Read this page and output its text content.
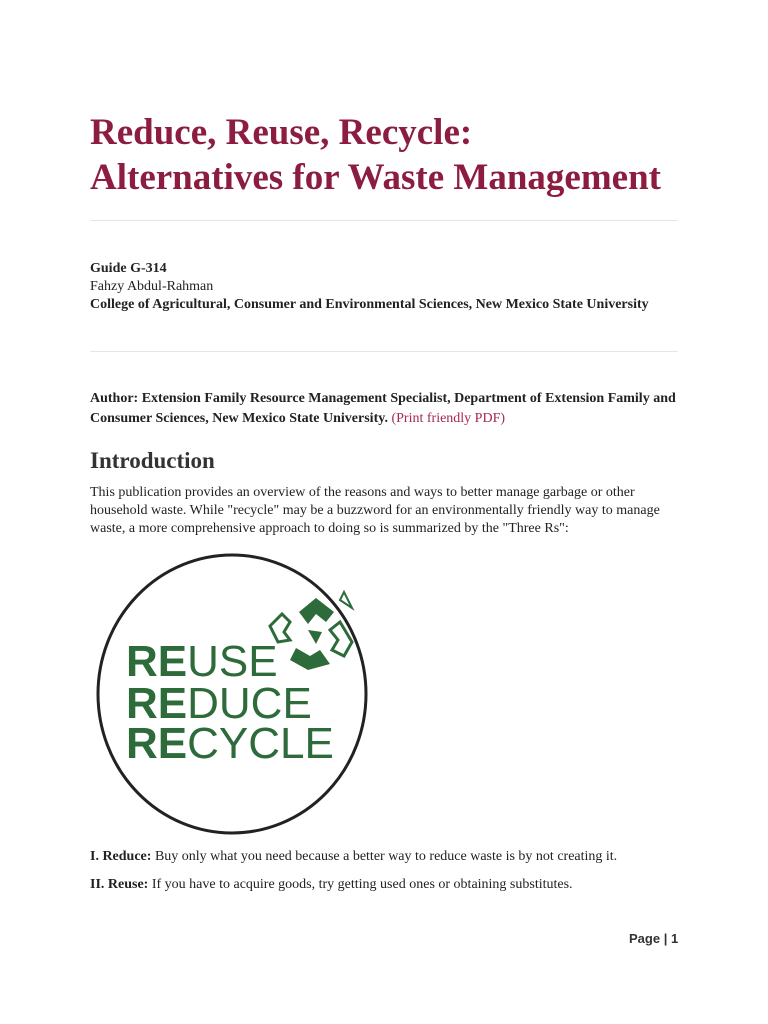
Reduce, Reuse, Recycle:
Alternatives for Waste Management
Guide G-314
Fahzy Abdul-Rahman
College of Agricultural, Consumer and Environmental Sciences, New Mexico State University
Author: Extension Family Resource Management Specialist, Department of Extension Family and Consumer Sciences, New Mexico State University. (Print friendly PDF)
Introduction
This publication provides an overview of the reasons and ways to better manage garbage or other household waste. While "recycle" may be a buzzword for an environmentally friendly way to manage waste, a more comprehensive approach to doing so is summarized by the "Three Rs":
REUSE
REDUCE
RECYCLE
I. Reduce: Buy only what you need because a better way to reduce waste is by not creating it.
II. Reuse: If you have to acquire goods, try getting used ones or obtaining substitutes.
Page | 1
